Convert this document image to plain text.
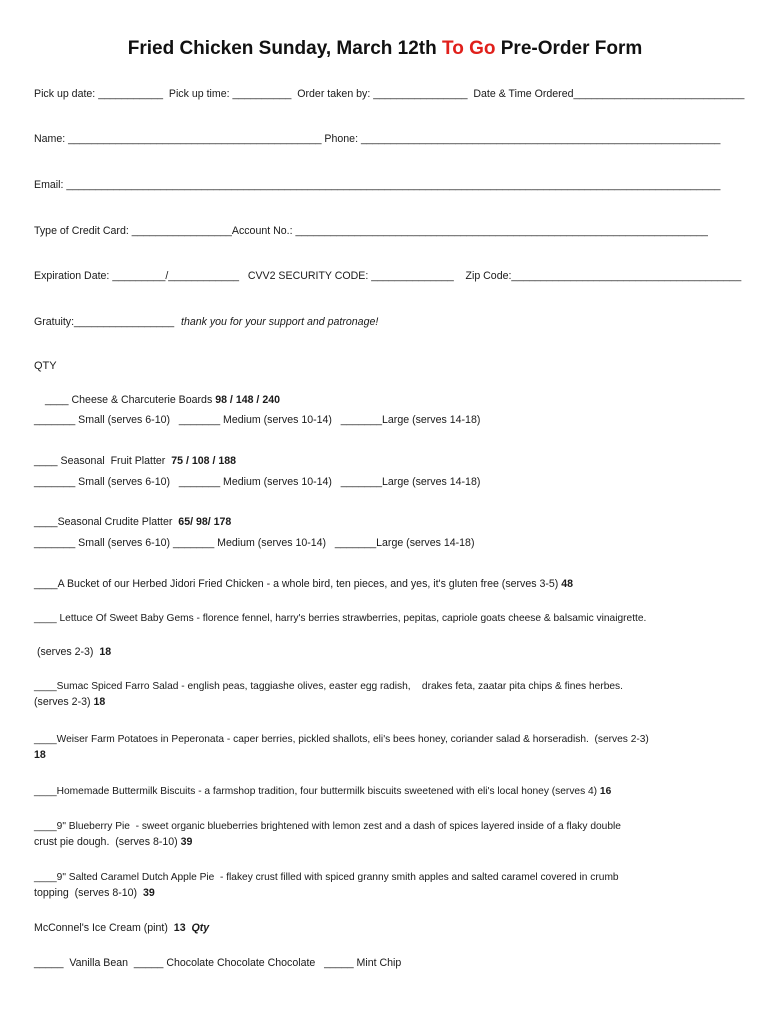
Fried Chicken Sunday, March 12th To Go Pre-Order Form
Pick up date: ___________  Pick up time: __________  Order taken by: ________________  Date & Time Ordered_____________________________
Name: ___________________________________________ Phone: _____________________________________________________________
Email: _______________________________________________________________________________________________________________
Type of Credit Card: _________________Account No.: ______________________________________________________________________
Expiration Date: _________/____________   CVV2 SECURITY CODE: ______________    Zip Code:_______________________________________
Gratuity:_________________ thank you for your support and patronage!
QTY
____ Cheese & Charcuterie Boards 98 / 148 / 240
_______ Small (serves 6-10)   _______ Medium (serves 10-14)   _______Large (serves 14-18)
____ Seasonal  Fruit Platter  75 / 108 / 188
_______ Small (serves 6-10)   _______ Medium (serves 10-14)   _______Large (serves 14-18)
____Seasonal Crudite Platter  65/ 98/ 178
_______ Small (serves 6-10) _______ Medium (serves 10-14)   _______Large (serves 14-18)
____A Bucket of our Herbed Jidori Fried Chicken - a whole bird, ten pieces, and yes, it's gluten free (serves 3-5) 48
____ Lettuce Of Sweet Baby Gems - florence fennel, harry's berries strawberries, pepitas, capriole goats cheese & balsamic vinaigrette.
(serves 2-3)  18
____Sumac Spiced Farro Salad - english peas, taggiashe olives, easter egg radish,    drakes feta, zaatar pita chips & fines herbes.
(serves 2-3) 18
____Weiser Farm Potatoes in Peperonata - caper berries, pickled shallots, eli's bees honey, coriander salad & horseradish.  (serves 2-3)
18
____Homemade Buttermilk Biscuits - a farmshop tradition, four buttermilk biscuits sweetened with eli's local honey (serves 4) 16
____9" Blueberry Pie  - sweet organic blueberries brightened with lemon zest and a dash of spices layered inside of a flaky double
crust pie dough.  (serves 8-10) 39
____9" Salted Caramel Dutch Apple Pie  - flakey crust filled with spiced granny smith apples and salted caramel covered in crumb
topping  (serves 8-10)  39
McConnel's Ice Cream (pint)  13 Qty
_____  Vanilla Bean  _____ Chocolate Chocolate Chocolate   _____ Mint Chip
